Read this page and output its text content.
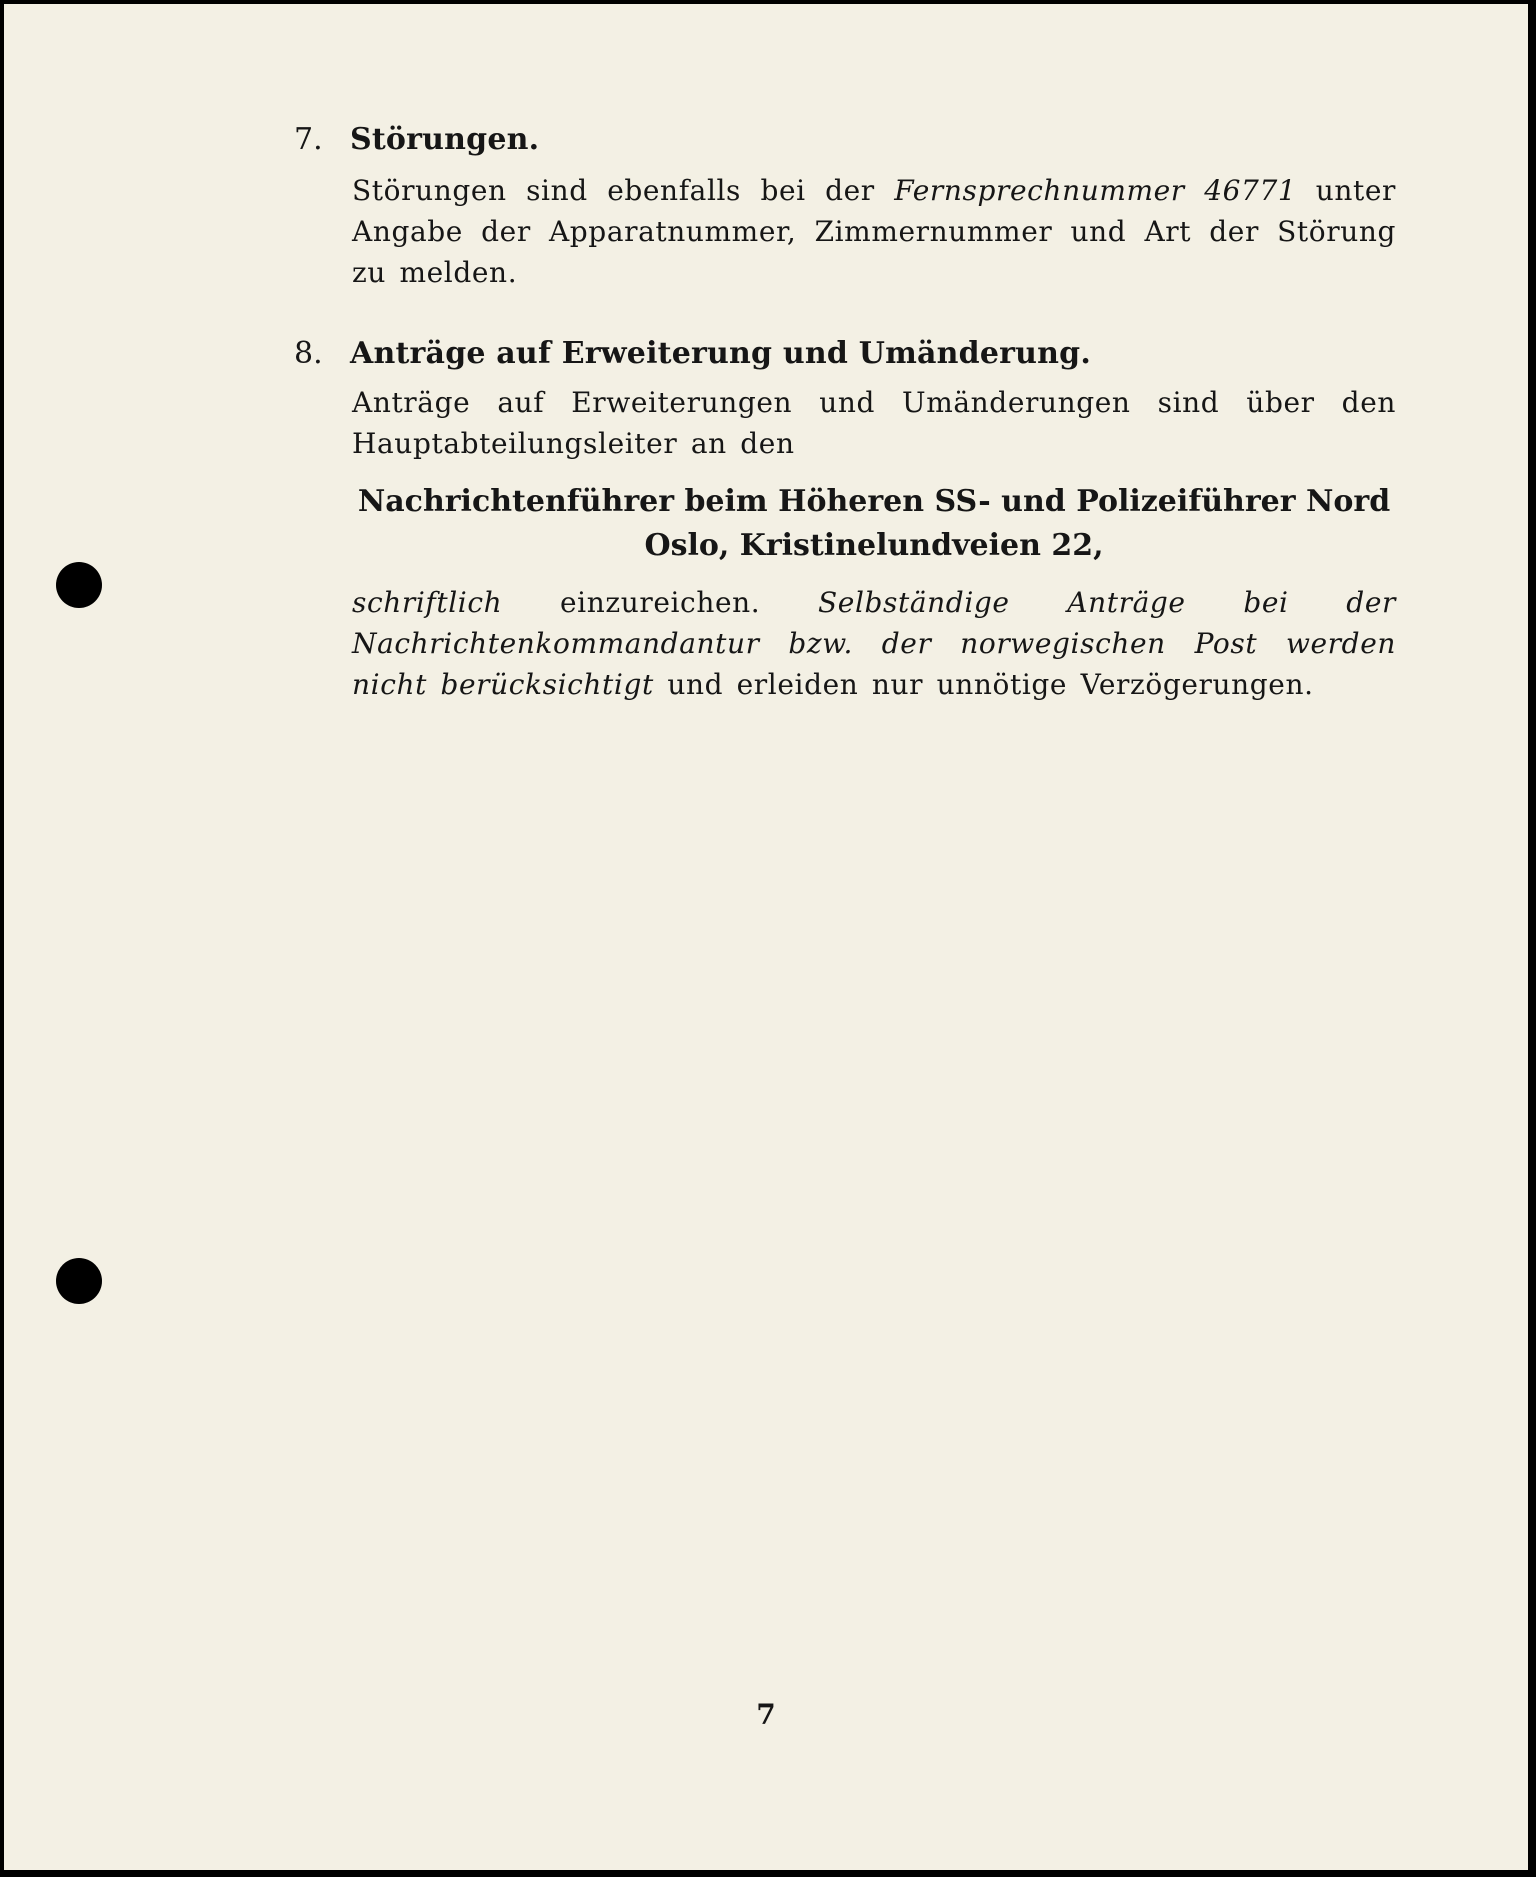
7. Störungen.
Störungen sind ebenfalls bei der Fernsprechnummer 46771 unter Angabe der Apparatnummer, Zimmernummer und Art der Störung zu melden.
8. Anträge auf Erweiterung und Umänderung.
Anträge auf Erweiterungen und Umänderungen sind über den Hauptabteilungsleiter an den
Nachrichtenführer beim Höheren SS- und Polizeiführer Nord
Oslo, Kristinelundveien 22,
schriftlich einzureichen. Selbständige Anträge bei der Nachrichtenkommandantur bzw. der norwegischen Post werden nicht berücksichtigt und erleiden nur unnötige Verzögerungen.
7
